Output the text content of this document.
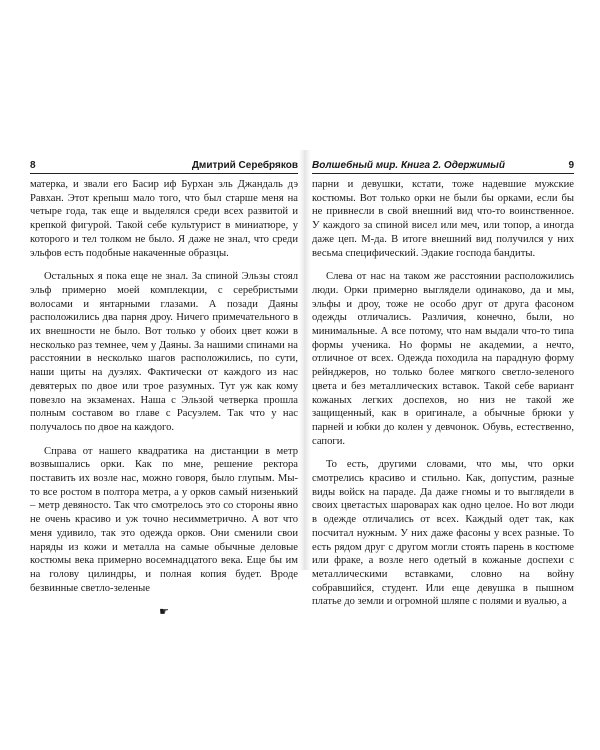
8	Дмитрий Серебряков

матерка, и звали его Басир иф Бурхан эль Джандаль дэ Равхан. Этот крепыш мало того, что был старше меня на четыре года, так еще и выделялся среди всех развитой и крепкой фигурой. Такой себе культурист в миниатюре, у которого и тел толком не было. Я даже не знал, что среди эльфов есть подобные накаченные образцы.

Остальных я пока еще не знал. За спиной Эльзы стоял эльф примерно моей комплекции, с серебристыми волосами и янтарными глазами. А позади Даяны расположились два парня дроу. Ничего примечательного в их внешности не было. Вот только у обоих цвет кожи в несколько раз темнее, чем у Даяны. За нашими спинами на расстоянии в несколько шагов расположились, по сути, наши щиты на дуэлях. Фактически от каждого из нас девятерых по двое или трое разумных. Тут уж как кому повезло на экзаменах. Наша с Эльзой четверка прошла полным составом во главе с Расуэлем. Так что у нас получалось по двое на каждого.

Справа от нашего квадратика на дистанции в метр возвышались орки. Как по мне, решение ректора поставить их возле нас, можно говоря, было глупым. Мы-то все ростом в полтора метра, а у орков самый низенький – метр девяносто. Так что смотрелось это со стороны явно не очень красиво и уж точно несимметрично. А вот что меня удивило, так это одежда орков. Они сменили свои наряды из кожи и металла на самые обычные деловые костюмы века примерно восемнадцатого века. Еще бы им на голову цилиндры, и полная копия будет. Вроде безвинные светло-зеленые

☛
Волшебный мир. Книга 2. Одержимый	9

парни и девушки, кстати, тоже надевшие мужские костюмы. Вот только орки не были бы орками, если бы не привнесли в свой внешний вид что-то воинственное. У каждого за спиной висел или меч, или топор, а иногда даже цеп. М-да. В итоге внешний вид получился у них весьма специфический. Эдакие господа бандиты.

Слева от нас на таком же расстоянии расположились люди. Орки примерно выглядели одинаково, да и мы, эльфы и дроу, тоже не особо друг от друга фасоном одежды отличались. Различия, конечно, были, но минимальные. А все потому, что нам выдали что-то типа формы ученика. Но формы не академии, а нечто, отличное от всех. Одежда походила на парадную форму рейнджеров, но только более мягкого светло-зеленого цвета и без металлических вставок. Такой себе вариант кожаных легких доспехов, но низ не такой же защищенный, как в оригинале, а обычные брюки у парней и юбки до колен у девчонок. Обувь, естественно, сапоги.

То есть, другими словами, что мы, что орки смотрелись красиво и стильно. Как, допустим, разные виды войск на параде. Да даже гномы и то выглядели в своих цветастых шароварах как одно целое. Но вот люди в одежде отличались от всех. Каждый одет так, как посчитал нужным. У них даже фасоны у всех разные. То есть рядом друг с другом могли стоять парень в костюме или фраке, а возле него одетый в кожаные доспехи с металлическими вставками, словно на войну собравшийся, студент. Или еще девушка в пышном платье до земли и огромной шляпе с полями и вуалью, а
